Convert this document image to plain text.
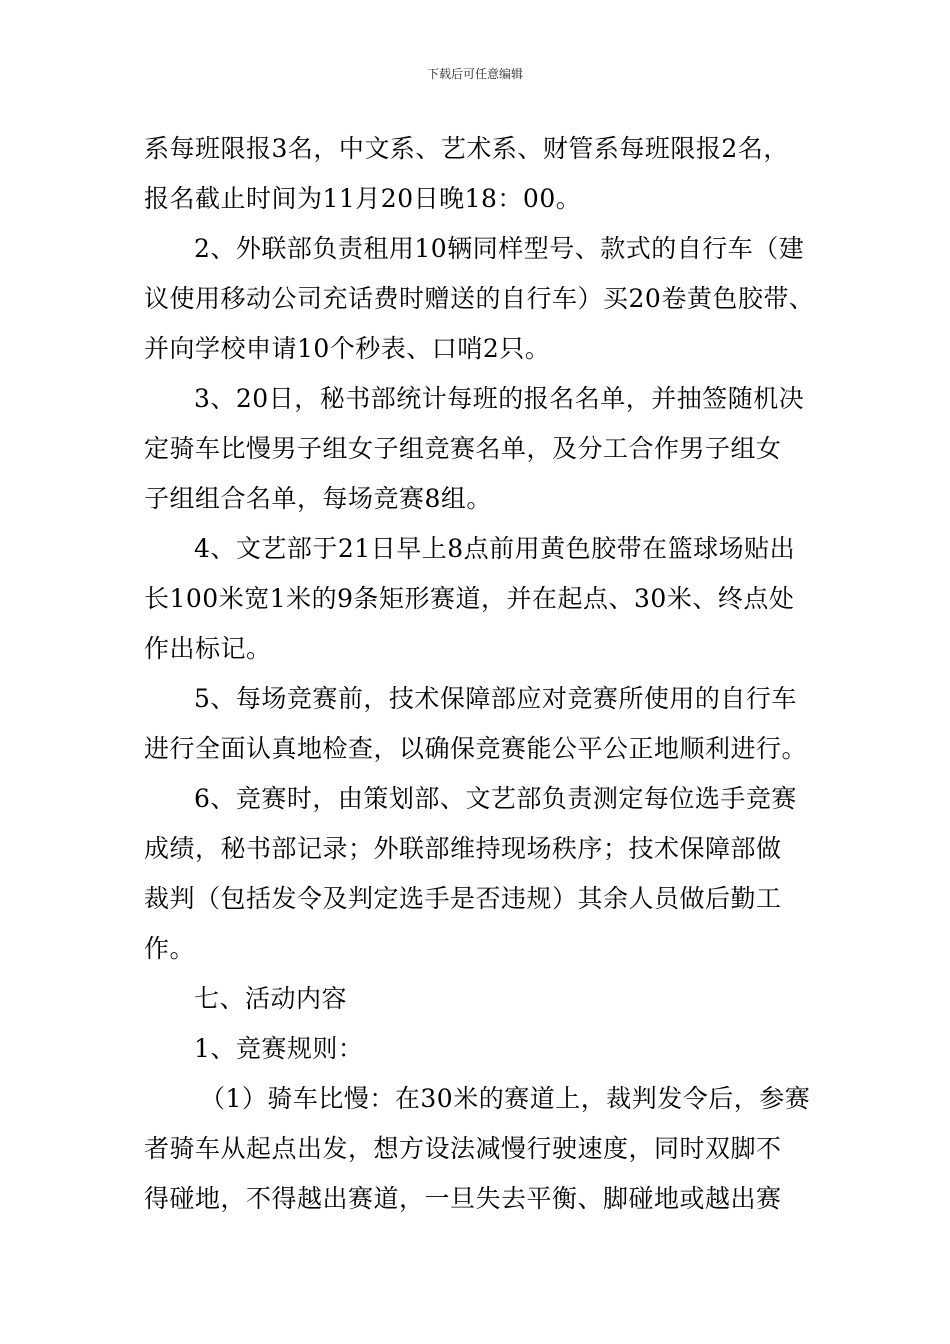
下载后可任意编辑
系每班限报3名，中文系、艺术系、财管系每班限报2名，
报名截止时间为11月20日晚18：00。
2、外联部负责租用10辆同样型号、款式的自行车（建
议使用移动公司充话费时赠送的自行车）买20卷黄色胶带、
并向学校申请10个秒表、口哨2只。
3、20日，秘书部统计每班的报名名单，并抽签随机决
定骑车比慢男子组女子组竞赛名单，及分工合作男子组女
子组组合名单，每场竞赛8组。
4、文艺部于21日早上8点前用黄色胶带在篮球场贴出
长100米宽1米的9条矩形赛道，并在起点、30米、终点处
作出标记。
5、每场竞赛前，技术保障部应对竞赛所使用的自行车
进行全面认真地检查，以确保竞赛能公平公正地顺利进行。
6、竞赛时，由策划部、文艺部负责测定每位选手竞赛
成绩，秘书部记录；外联部维持现场秩序；技术保障部做
裁判（包括发令及判定选手是否违规）其余人员做后勤工
作。
七、活动内容
1、竞赛规则：
（1）骑车比慢：在30米的赛道上，裁判发令后，参赛
者骑车从起点出发，想方设法减慢行驶速度，同时双脚不
得碰地，不得越出赛道，一旦失去平衡、脚碰地或越出赛
